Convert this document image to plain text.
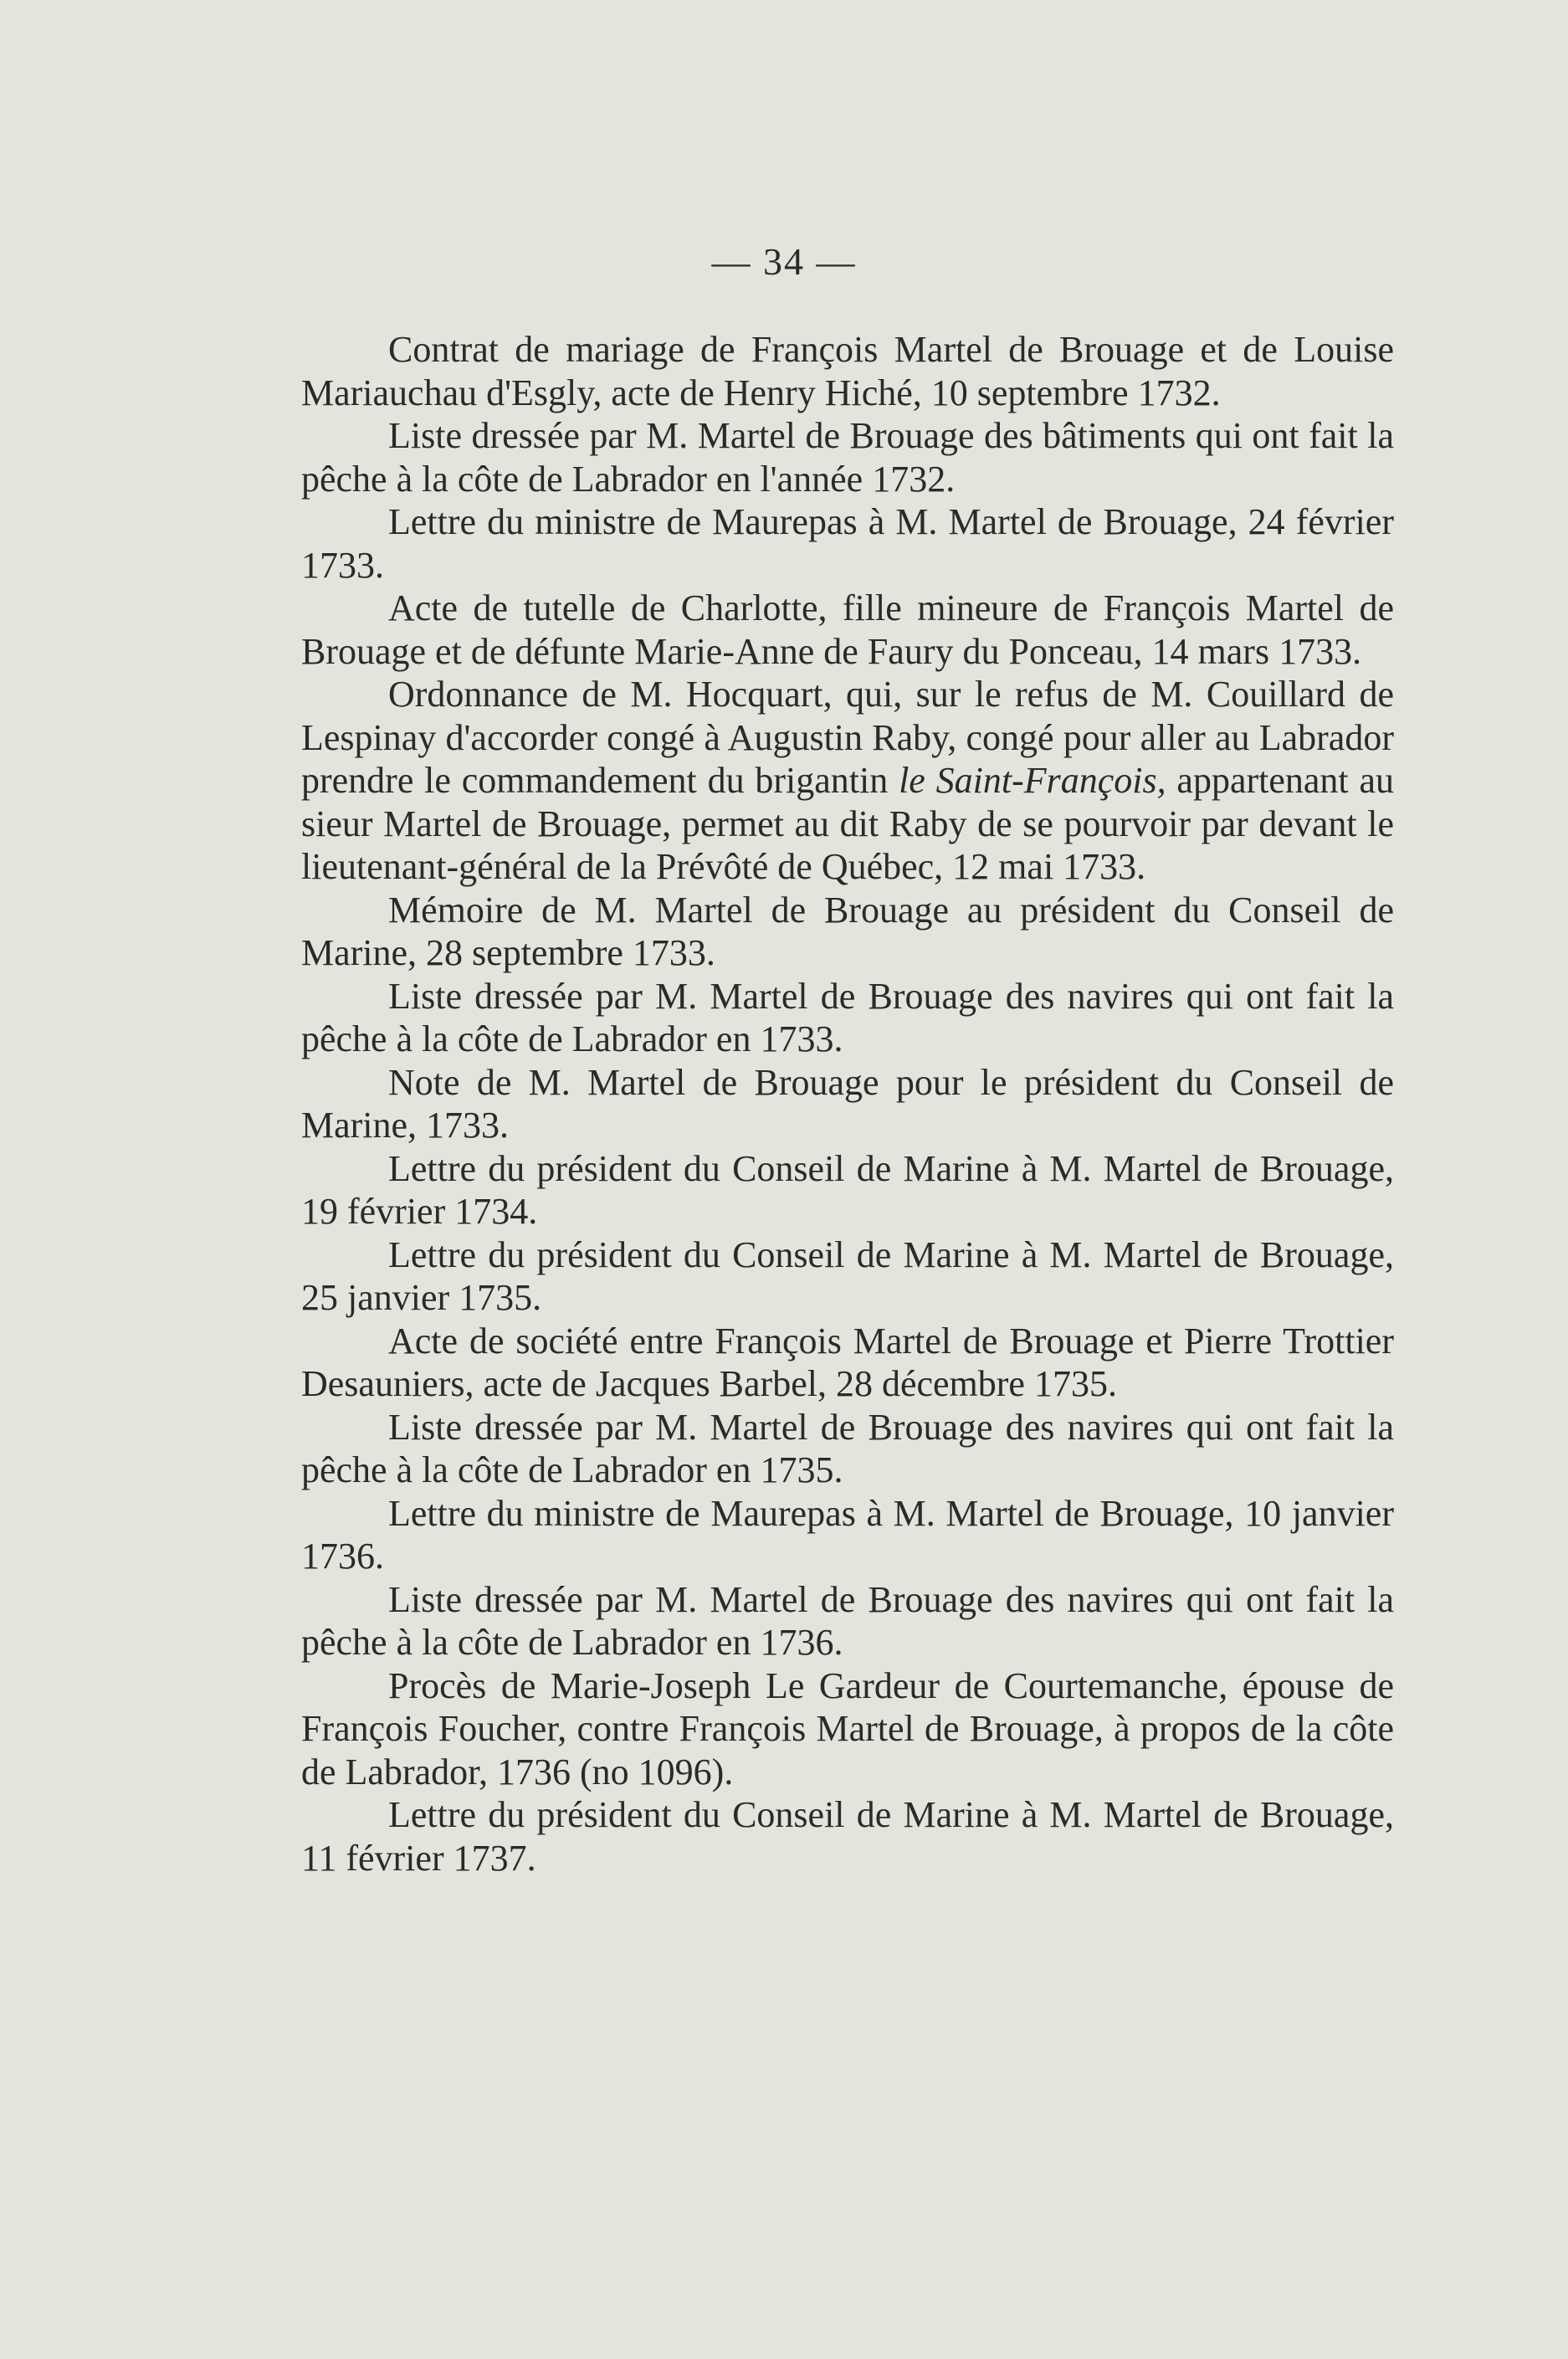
— 34 —

Contrat de mariage de François Martel de Brouage et de Louise Mariauchau d'Esgly, acte de Henry Hiché, 10 septembre 1732.

Liste dressée par M. Martel de Brouage des bâtiments qui ont fait la pêche à la côte de Labrador en l'année 1732.

Lettre du ministre de Maurepas à M. Martel de Brouage, 24 février 1733.

Acte de tutelle de Charlotte, fille mineure de François Martel de Brouage et de défunte Marie-Anne de Faury du Ponceau, 14 mars 1733.

Ordonnance de M. Hocquart, qui, sur le refus de M. Couillard de Lespinay d'accorder congé à Augustin Raby, congé pour aller au Labrador prendre le commandement du brigantin le Saint-François, appartenant au sieur Martel de Brouage, permet au dit Raby de se pourvoir par devant le lieutenant-général de la Prévôté de Québec, 12 mai 1733.

Mémoire de M. Martel de Brouage au président du Conseil de Marine, 28 septembre 1733.

Liste dressée par M. Martel de Brouage des navires qui ont fait la pêche à la côte de Labrador en 1733.

Note de M. Martel de Brouage pour le président du Conseil de Marine, 1733.

Lettre du président du Conseil de Marine à M. Martel de Brouage, 19 février 1734.

Lettre du président du Conseil de Marine à M. Martel de Brouage, 25 janvier 1735.

Acte de société entre François Martel de Brouage et Pierre Trottier Desauniers, acte de Jacques Barbel, 28 décembre 1735.

Liste dressée par M. Martel de Brouage des navires qui ont fait la pêche à la côte de Labrador en 1735.

Lettre du ministre de Maurepas à M. Martel de Brouage, 10 janvier 1736.

Liste dressée par M. Martel de Brouage des navires qui ont fait la pêche à la côte de Labrador en 1736.

Procès de Marie-Joseph Le Gardeur de Courtemanche, épouse de François Foucher, contre François Martel de Brouage, à propos de la côte de Labrador, 1736 (no 1096).

Lettre du président du Conseil de Marine à M. Martel de Brouage, 11 février 1737.
